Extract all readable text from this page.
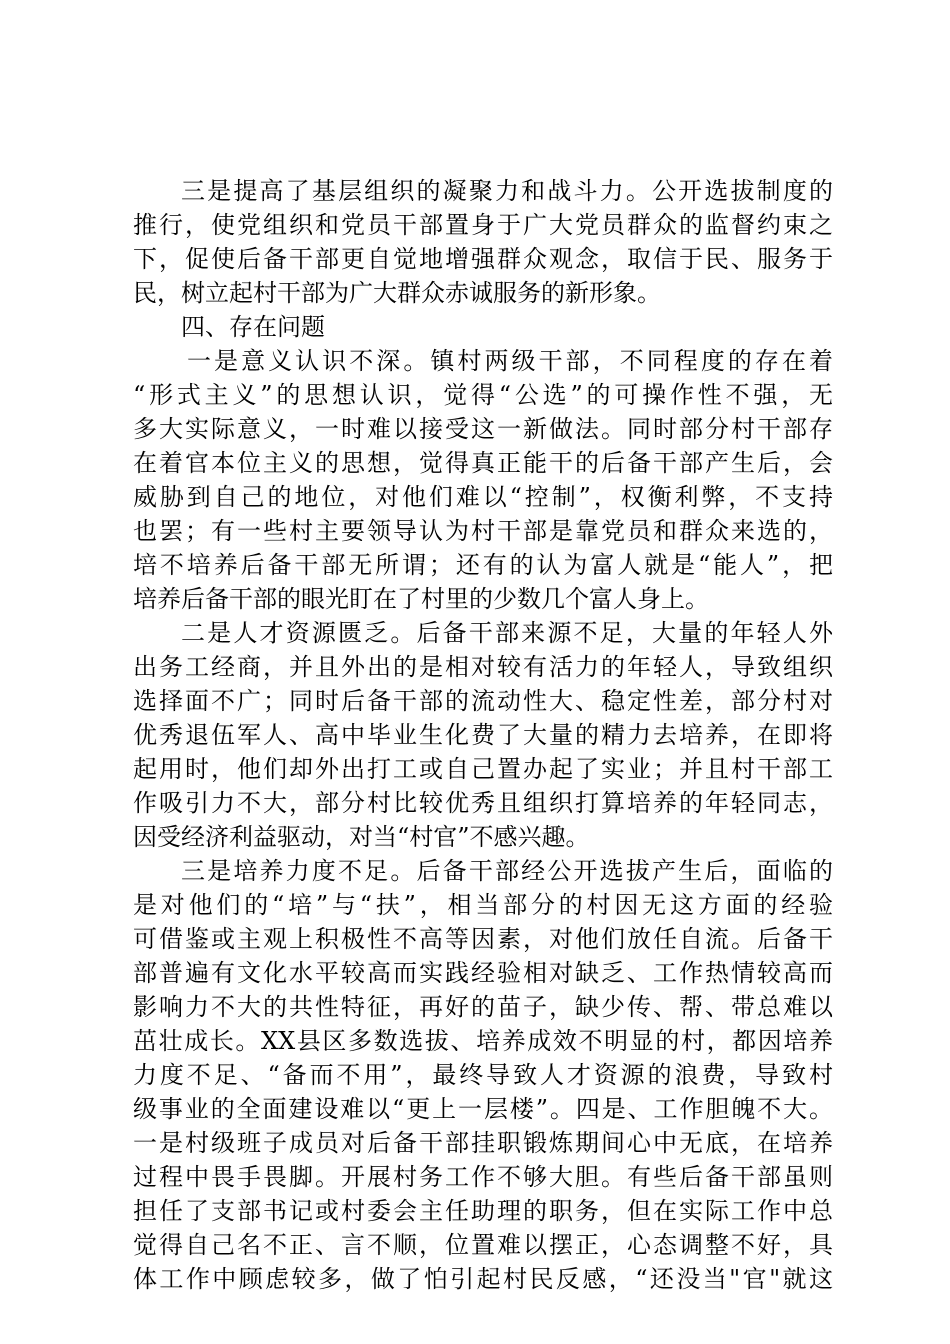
三是提高了基层组织的凝聚力和战斗力。公开选拔制度的
推行，使党组织和党员干部置身于广大党员群众的监督约束之
下，促使后备干部更自觉地增强群众观念，取信于民、服务于
民，树立起村干部为广大群众赤诚服务的新形象。
四、存在问题
一是意义认识不深。镇村两级干部，不同程度的存在着
“形式主义”的思想认识，觉得“公选”的可操作性不强，无
多大实际意义，一时难以接受这一新做法。同时部分村干部存
在着官本位主义的思想，觉得真正能干的后备干部产生后，会
威胁到自己的地位，对他们难以“控制”，权衡利弊，不支持
也罢；有一些村主要领导认为村干部是靠党员和群众来选的，
培不培养后备干部无所谓；还有的认为富人就是“能人”，把
培养后备干部的眼光盯在了村里的少数几个富人身上。
二是人才资源匮乏。后备干部来源不足，大量的年轻人外
出务工经商，并且外出的是相对较有活力的年轻人，导致组织
选择面不广；同时后备干部的流动性大、稳定性差，部分村对
优秀退伍军人、高中毕业生化费了大量的精力去培养，在即将
起用时，他们却外出打工或自己置办起了实业；并且村干部工
作吸引力不大，部分村比较优秀且组织打算培养的年轻同志，
因受经济利益驱动，对当“村官”不感兴趣。
三是培养力度不足。后备干部经公开选拔产生后，面临的
是对他们的“培”与“扶”，相当部分的村因无这方面的经验
可借鉴或主观上积极性不高等因素，对他们放任自流。后备干
部普遍有文化水平较高而实践经验相对缺乏、工作热情较高而
影响力不大的共性特征，再好的苗子，缺少传、帮、带总难以
茁壮成长。XX县区多数选拔、培养成效不明显的村，都因培养
力度不足、“备而不用”，最终导致人才资源的浪费，导致村
级事业的全面建设难以“更上一层楼”。四是、工作胆魄不大。
一是村级班子成员对后备干部挂职锻炼期间心中无底，在培养
过程中畏手畏脚。开展村务工作不够大胆。有些后备干部虽则
担任了支部书记或村委会主任助理的职务，但在实际工作中总
觉得自己名不正、言不顺，位置难以摆正，心态调整不好，具
体工作中顾虑较多，做了怕引起村民反感，“还没当"官"就这
